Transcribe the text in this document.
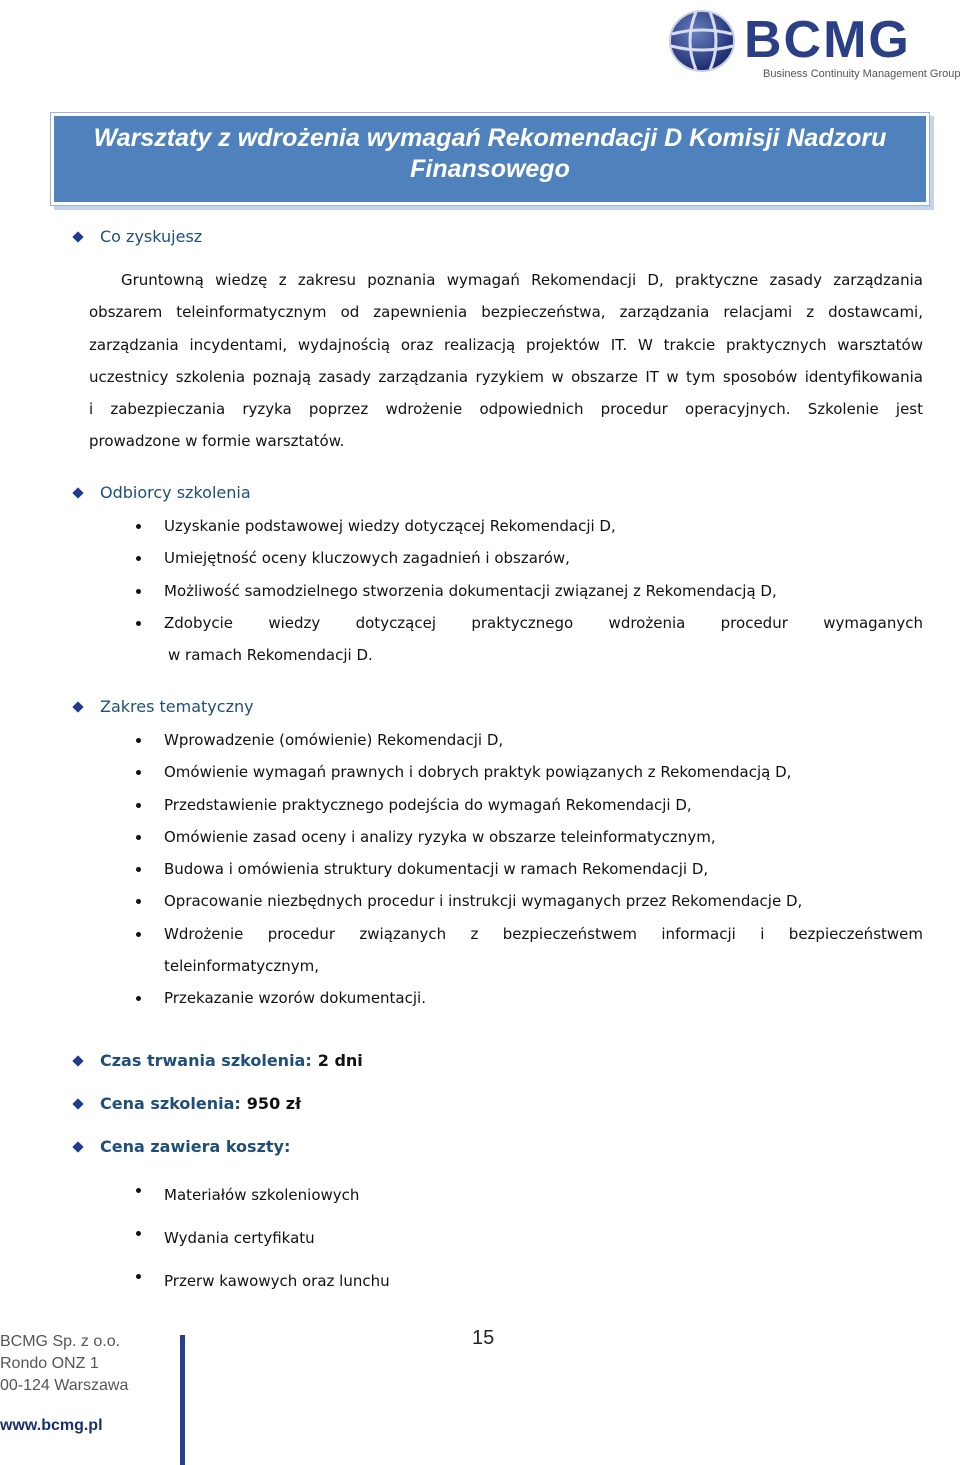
BCMG
Business Continuity Management Group
Warsztaty z wdrożenia wymagań Rekomendacji D Komisji Nadzoru
Finansowego
Co zyskujesz
Gruntowną wiedzę z zakresu poznania wymagań Rekomendacji D, praktyczne zasady zarządzania
obszarem teleinformatycznym od zapewnienia bezpieczeństwa, zarządzania relacjami z dostawcami,
zarządzania incydentami, wydajnością oraz realizacją projektów IT. W trakcie praktycznych warsztatów
uczestnicy szkolenia poznają zasady zarządzania ryzykiem w obszarze IT w tym sposobów identyfikowania
i zabezpieczania ryzyka poprzez wdrożenie odpowiednich procedur operacyjnych. Szkolenie jest
prowadzone w formie warsztatów.
Odbiorcy szkolenia
Uzyskanie podstawowej wiedzy dotyczącej Rekomendacji D,
Umiejętność oceny kluczowych zagadnień i obszarów,
Możliwość samodzielnego stworzenia dokumentacji związanej z Rekomendacją D,
Zdobycie wiedzy dotyczącej praktycznego wdrożenia procedur wymaganych
w ramach Rekomendacji D.
Zakres tematyczny
Wprowadzenie (omówienie) Rekomendacji D,
Omówienie wymagań prawnych i dobrych praktyk powiązanych z Rekomendacją D,
Przedstawienie praktycznego podejścia do wymagań Rekomendacji D,
Omówienie zasad oceny i analizy ryzyka w obszarze teleinformatycznym,
Budowa i omówienia struktury dokumentacji w ramach Rekomendacji D,
Opracowanie niezbędnych procedur i instrukcji wymaganych przez Rekomendacje D,
Wdrożenie procedur związanych z bezpieczeństwem informacji i bezpieczeństwem
teleinformatycznym,
Przekazanie wzorów dokumentacji.
Czas trwania szkolenia: 2 dni
Cena szkolenia: 950 zł
Cena zawiera koszty:
Materiałów szkoleniowych
Wydania certyfikatu
Przerw kawowych oraz lunchu
BCMG Sp. z o.o.
Rondo ONZ 1
00-124 Warszawa
www.bcmg.pl
15
